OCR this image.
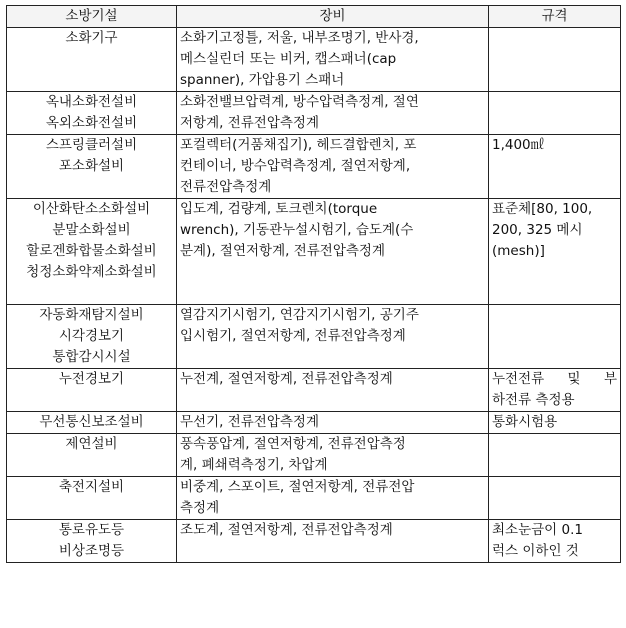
소방기설	장비	규격

소화기구	소화기고정틀, 저울, 내부조명기, 반사경,
메스실린더 또는 비커, 캡스패너(cap
spanner), 가압용기 스패너	

옥내소화전설비
옥외소화전설비	소화전밸브압력계, 방수압력측정계, 절연
저항계, 전류전압측정계	

스프링클러설비
포소화설비	포컬렉터(거품채집기), 헤드결합렌치, 포
컨테이너, 방수압력측정계, 절연저항계,
전류전압측정계	1,400㎖

이산화탄소소화설비
분말소화설비
할로겐화합물소화설비
청정소화약제소화설비	입도계, 검량계, 토크렌치(torque
wrench), 기동관누설시험기, 습도계(수
분계), 절연저항계, 전류전압측정계	표준체[80, 100,
200, 325 메시
(mesh)]

자동화재탐지설비
시각경보기
통합감시시설	열감지기시험기, 연감지기시험기, 공기주
입시험기, 절연저항계, 전류전압측정계	

누전경보기	누전계, 절연저항계, 전류전압측정계	누전전류 및 부
하전류 측정용

무선통신보조설비	무선기, 전류전압측정계	통화시험용

제연설비	풍속풍압계, 절연저항계, 전류전압측정
계, 폐쇄력측정기, 차압계	

축전지설비	비중계, 스포이트, 절연저항계, 전류전압
측정계	

통로유도등
비상조명등	조도계, 절연저항계, 전류전압측정계	최소눈금이 0.1
럭스 이하인 것
